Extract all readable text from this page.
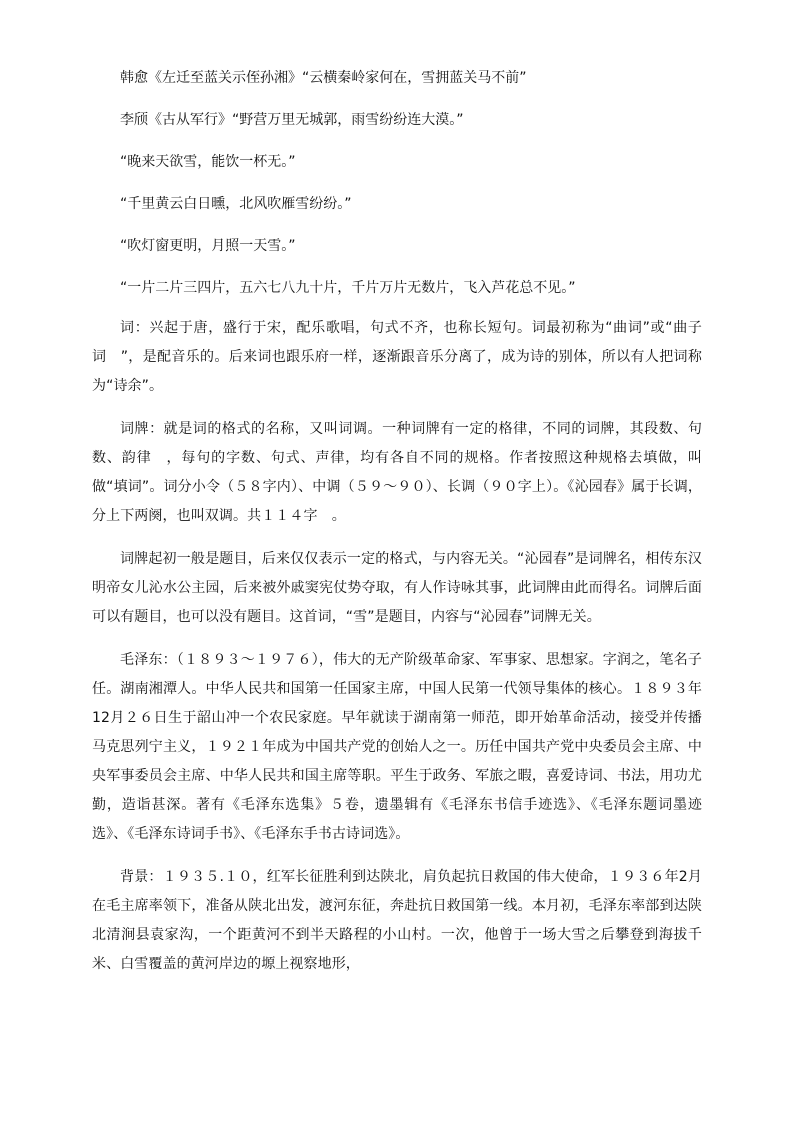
韩愈《左迁至蓝关示侄孙湘》“云横秦岭家何在，雪拥蓝关马不前”

李颀《古从军行》“野营万里无城郭，雨雪纷纷连大漠。”

“晚来天欲雪，能饮一杯无。”

“千里黄云白日曛，北风吹雁雪纷纷。”

“吹灯窗更明，月照一天雪。”

“一片二片三四片，五六七八九十片，千片万片无数片，飞入芦花总不见。”

词：兴起于唐，盛行于宋，配乐歌唱，句式不齐，也称长短句。词最初称为“曲词”或“曲子词　”，是配音乐的。后来词也跟乐府一样，逐渐跟音乐分离了，成为诗的别体，所以有人把词称为“诗余”。

词牌：就是词的格式的名称，又叫词调。一种词牌有一定的格律，不同的词牌，其段数、句数、韵律　，每句的字数、句式、声律，均有各自不同的规格。作者按照这种规格去填做，叫做“填词”。词分小令（５８字内）、中调（５９～９０）、长调（９０字上）。《沁园春》属于长调，分上下两阕，也叫双调。共１１４字　。

词牌起初一般是题目，后来仅仅表示一定的格式，与内容无关。“沁园春”是词牌名，相传东汉明帝女儿沁水公主园，后来被外戚窦宪仗势夺取，有人作诗咏其事，此词牌由此而得名。词牌后面可以有题目，也可以没有题目。这首词，“雪”是题目，内容与“沁园春”词牌无关。

毛泽东：（１８９３～１９７６），伟大的无产阶级革命家、军事家、思想家。字润之，笔名子任。湖南湘潭人。中华人民共和国第一任国家主席，中国人民第一代领导集体的核心。１８９３年12月２６日生于韶山冲一个农民家庭。早年就读于湖南第一师范，即开始革命活动，接受并传播马克思列宁主义，１９２１年成为中国共产党的创始人之一。历任中国共产党中央委员会主席、中央军事委员会主席、中华人民共和国主席等职。平生于政务、军旅之暇，喜爱诗词、书法，用功尤勤，造诣甚深。著有《毛泽东选集》５卷，遗墨辑有《毛泽东书信手迹选》、《毛泽东题词墨迹选》、《毛泽东诗词手书》、《毛泽东手书古诗词选》。

背景：１９３５.１０，红军长征胜利到达陕北，肩负起抗日救国的伟大使命，１９３６年2月在毛主席率领下，准备从陕北出发，渡河东征，奔赴抗日救国第一线。本月初，毛泽东率部到达陕北清涧县袁家沟，一个距黄河不到半天路程的小山村。一次，他曾于一场大雪之后攀登到海拔千米、白雪覆盖的黄河岸边的塬上视察地形，
